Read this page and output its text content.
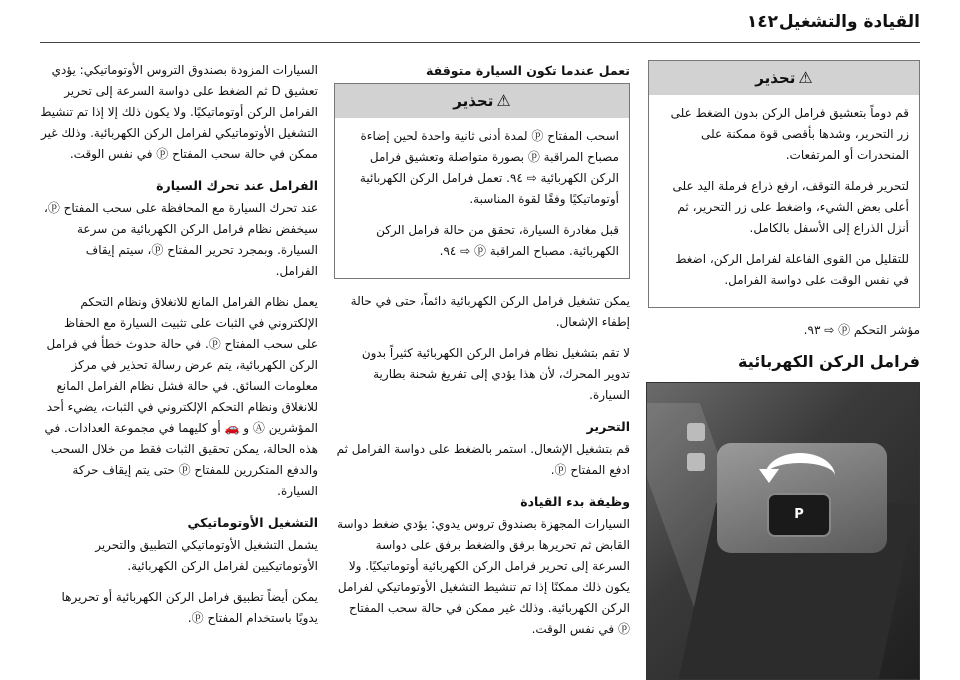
القيادة والتشغيل
١٤٢
⚠تحذير

قم دوماً بتعشيق فرامل الركن بدون الضغط على زر التحرير، وشدها بأقصى قوة ممكنة على المنحدرات أو المرتفعات.

لتحرير فرملة التوقف، ارفع ذراع فرملة اليد على أعلى بعض الشيء، واضغط على زر التحرير، ثم أنزل الذراع إلى الأسفل بالكامل.

للتقليل من القوى الفاعلة لفرامل الركن، اضغط في نفس الوقت على دواسة الفرامل.

مؤشر التحكم ⓟ ⇨ ٩٣.

فرامل الركن الكهربائية
P
تعمل عندما تكون السيارة متوقفة
⚠تحذير

اسحب المفتاح ⓟ لمدة أدنى ثانية واحدة لحين إضاءة مصباح المراقبة ⓟ بصورة متواصلة وتعشيق فرامل الركن الكهربائية ⇨ ٩٤. تعمل فرامل الركن الكهربائية أوتوماتيكيًا وفقًا لقوة المناسبة.

قبل مغادرة السيارة، تحقق من حالة فرامل الركن الكهربائية. مصباح المراقبة ⓟ ⇨ ٩٤.

يمكن تشغيل فرامل الركن الكهربائية دائماً، حتى في حالة إطفاء الإشعال.

لا تقم بتشغيل نظام فرامل الركن الكهربائية كثيراً بدون تدوير المحرك، لأن هذا يؤدي إلى تفريغ شحنة بطارية السيارة.

التحرير

قم بتشغيل الإشعال. استمر بالضغط على دواسة الفرامل ثم ادفع المفتاح ⓟ.

وظيفة بدء القيادة

السيارات المجهزة بصندوق تروس يدوي: يؤدي ضغط دواسة القابض ثم تحريرها برفق والضغط برفق على دواسة السرعة إلى تحرير فرامل الركن الكهربائية أوتوماتيكيًا. ولا يكون ذلك ممكنًا إذا تم تنشيط التشغيل الأوتوماتيكي لفرامل الركن الكهربائية. وذلك غير ممكن في حالة سحب المفتاح ⓟ في نفس الوقت.

السيارات المزودة بصندوق التروس الأوتوماتيكي: يؤدي تعشيق D ثم الضغط على دواسة السرعة إلى تحرير الفرامل الركن أوتوماتيكيًا. ولا يكون ذلك إلا إذا تم تنشيط التشغيل الأوتوماتيكي لفرامل الركن الكهربائية. وذلك غير ممكن في حالة سحب المفتاح ⓟ في نفس الوقت.

الفرامل عند تحرك السيارة

عند تحرك السيارة مع المحافظة على سحب المفتاح ⓟ، سيخفض نظام فرامل الركن الكهربائية من سرعة السيارة. وبمجرد تحرير المفتاح ⓟ، سيتم إيقاف الفرامل.

يعمل نظام الفرامل المانع للانغلاق ونظام التحكم الإلكتروني في الثبات على تثبيت السيارة مع الحفاظ على سحب المفتاح ⓟ. في حالة حدوث خطأ في فرامل الركن الكهربائية، يتم عرض رسالة تحذير في مركز معلومات السائق. في حالة فشل نظام الفرامل المانع للانغلاق ونظام التحكم الإلكتروني في الثبات، يضيء أحد المؤشرين Ⓐ و 🚗 أو كليهما في مجموعة العدادات. في هذه الحالة، يمكن تحقيق الثبات فقط من خلال السحب والدفع المتكررين للمفتاح ⓟ حتى يتم إيقاف حركة السيارة.

التشغيل الأوتوماتيكي

يشمل التشغيل الأوتوماتيكي التطبيق والتحرير الأوتوماتيكيين لفرامل الركن الكهربائية.

يمكن أيضاً تطبيق فرامل الركن الكهربائية أو تحريرها يدويًا باستخدام المفتاح ⓟ.
